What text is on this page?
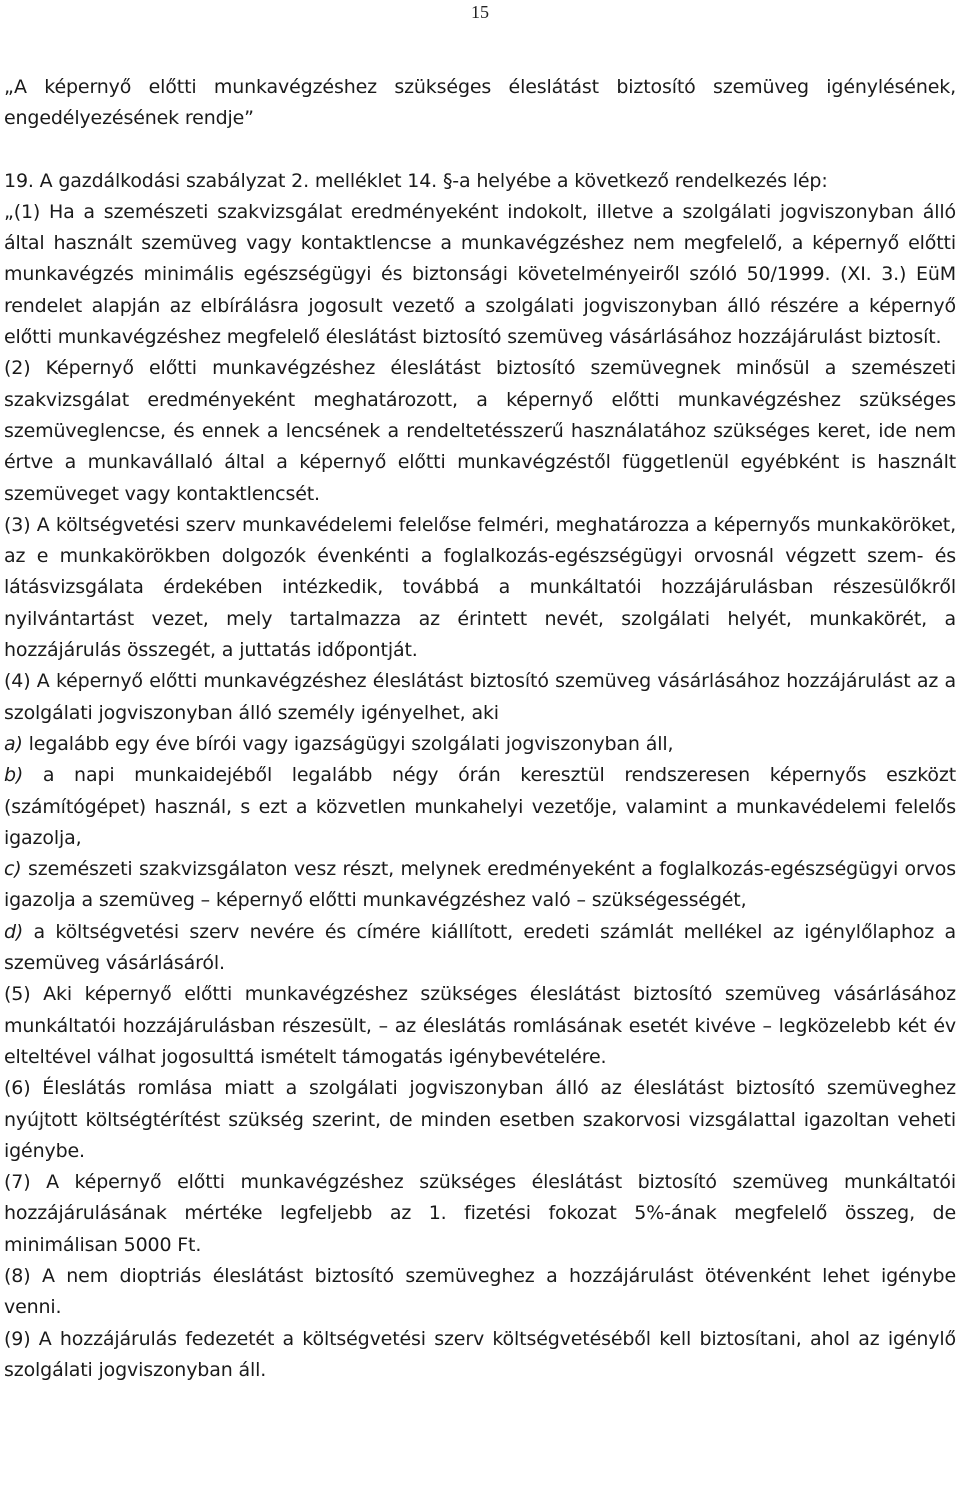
15

„A képernyő előtti munkavégzéshez szükséges éleslátást biztosító szemüveg igénylésének, engedélyezésének rendje”

19. A gazdálkodási szabályzat 2. melléklet 14. §-a helyébe a következő rendelkezés lép:

„(1) Ha a szemészeti szakvizsgálat eredményeként indokolt, illetve a szolgálati jogviszonyban álló által használt szemüveg vagy kontaktlencse a munkavégzéshez nem megfelelő, a képernyő előtti munkavégzés minimális egészségügyi és biztonsági követelményeiről szóló 50/1999. (XI. 3.) EüM rendelet alapján az elbírálásra jogosult vezető a szolgálati jogviszonyban álló részére a képernyő előtti munkavégzéshez megfelelő éleslátást biztosító szemüveg vásárlásához hozzájárulást biztosít.

(2) Képernyő előtti munkavégzéshez éleslátást biztosító szemüvegnek minősül a szemészeti szakvizsgálat eredményeként meghatározott, a képernyő előtti munkavégzéshez szükséges szemüveglencse, és ennek a lencsének a rendeltetésszerű használatához szükséges keret, ide nem értve a munkavállaló által a képernyő előtti munkavégzéstől függetlenül egyébként is használt szemüveget vagy kontaktlencsét.

(3) A költségvetési szerv munkavédelemi felelőse felméri, meghatározza a képernyős munkaköröket, az e munkakörökben dolgozók évenkénti a foglalkozás-egészségügyi orvosnál végzett szem- és látásvizsgálata érdekében intézkedik, továbbá a munkáltatói hozzájárulásban részesülőkről nyilvántartást vezet, mely tartalmazza az érintett nevét, szolgálati helyét, munkakörét, a hozzájárulás összegét, a juttatás időpontját.

(4) A képernyő előtti munkavégzéshez éleslátást biztosító szemüveg vásárlásához hozzájárulást az a szolgálati jogviszonyban álló személy igényelhet, aki

a) legalább egy éve bírói vagy igazságügyi szolgálati jogviszonyban áll,

b) a napi munkaidejéből legalább négy órán keresztül rendszeresen képernyős eszközt (számítógépet) használ, s ezt a közvetlen munkahelyi vezetője, valamint a munkavédelemi felelős igazolja,

c) szemészeti szakvizsgálaton vesz részt, melynek eredményeként a foglalkozás-egészségügyi orvos igazolja a szemüveg – képernyő előtti munkavégzéshez való – szükségességét,

d) a költségvetési szerv nevére és címére kiállított, eredeti számlát mellékel az igénylőlaphoz a szemüveg vásárlásáról.

(5) Aki képernyő előtti munkavégzéshez szükséges éleslátást biztosító szemüveg vásárlásához munkáltatói hozzájárulásban részesült, – az éleslátás romlásának esetét kivéve – legközelebb két év elteltével válhat jogosulttá ismételt támogatás igénybevételére.

(6) Éleslátás romlása miatt a szolgálati jogviszonyban álló az éleslátást biztosító szemüveghez nyújtott költségtérítést szükség szerint, de minden esetben szakorvosi vizsgálattal igazoltan veheti igénybe.

(7) A képernyő előtti munkavégzéshez szükséges éleslátást biztosító szemüveg munkáltatói hozzájárulásának mértéke legfeljebb az 1. fizetési fokozat 5%-ának megfelelő összeg, de minimálisan 5000 Ft.

(8) A nem dioptriás éleslátást biztosító szemüveghez a hozzájárulást ötévenként lehet igénybe venni.

(9) A hozzájárulás fedezetét a költségvetési szerv költségvetéséből kell biztosítani, ahol az igénylő szolgálati jogviszonyban áll.
